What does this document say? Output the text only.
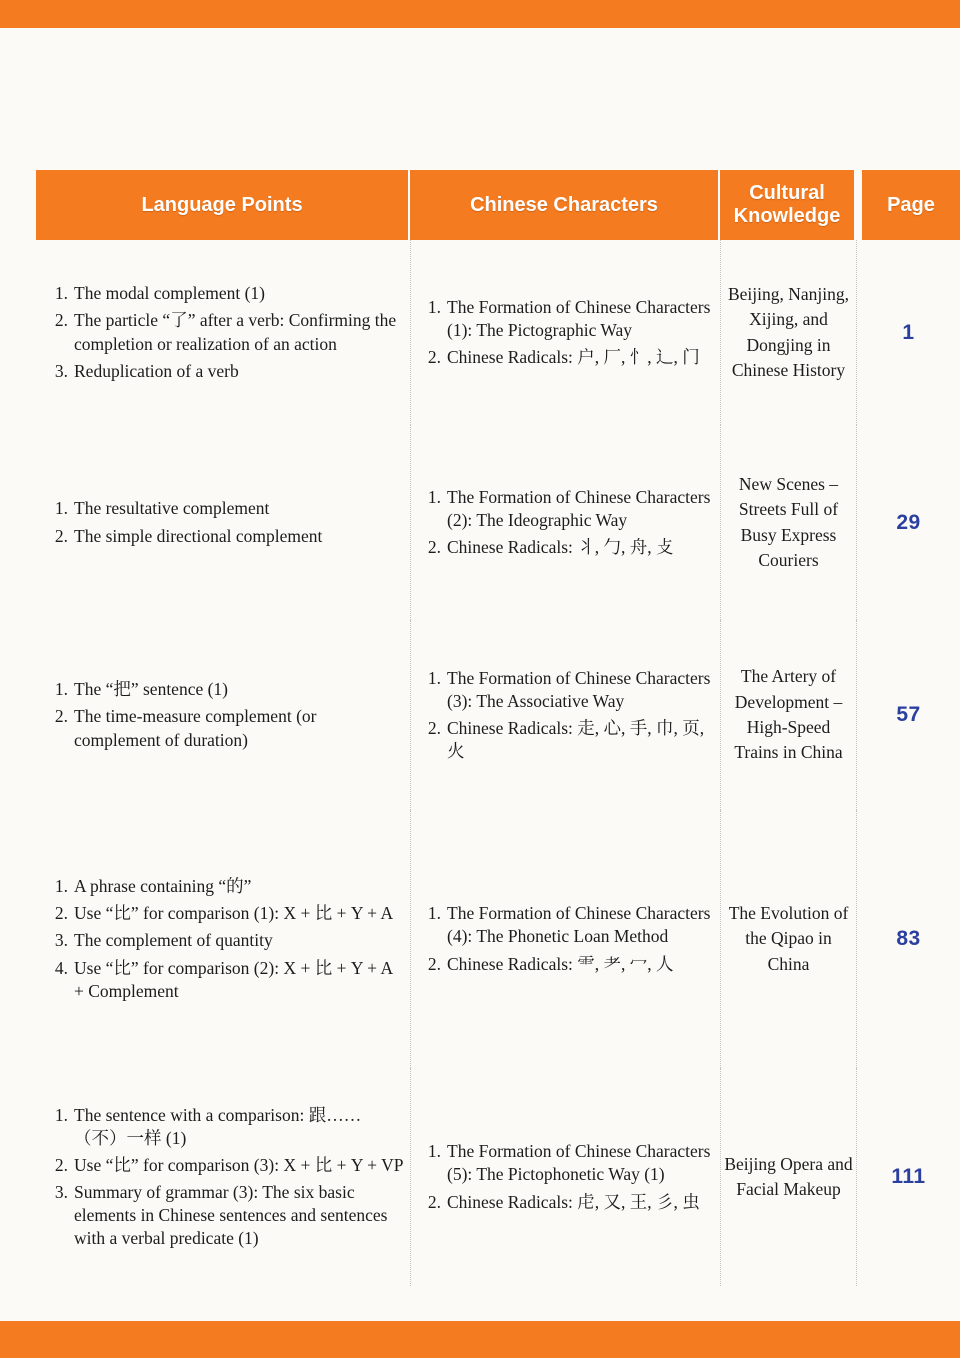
Language Points	Chinese Characters
Cultural Knowledge
Page
1. The modal complement (1)
2. The particle “了” after a verb: Confirming the completion or realization of an action
3. Reduplication of a verb
1. The Formation of Chinese Characters (1): The Pictographic Way
2. Chinese Radicals: 户, 厂, 忄, 辶, 门
Beijing, Nanjing, Xijing, and Dongjing in Chinese History
1
1. The resultative complement
2. The simple directional complement
1. The Formation of Chinese Characters (2): The Ideographic Way
2. Chinese Radicals: 丬, 勹, 舟, 攴
New Scenes – Streets Full of Busy Express Couriers
29
1. The “把” sentence (1)
2. The time-measure complement (or complement of duration)
1. The Formation of Chinese Characters (3): The Associative Way
2. Chinese Radicals: 走, 心, 手, 巾, 页, 火
The Artery of Development – High-Speed Trains in China
57
1. A phrase containing “的”
2. Use “比” for comparison (1): X + 比 + Y + A
3. The complement of quantity
4. Use “比” for comparison (2): X + 比 + Y + A + Complement
1. The Formation of Chinese Characters (4): The Phonetic Loan Method
2. Chinese Radicals: ⻗, 耂, 冖, 人
The Evolution of the Qipao in China
83
1. The sentence with a comparison: 跟……（不）一样 (1)
2. Use “比” for comparison (3): X + 比 + Y + VP
3. Summary of grammar (3): The six basic elements in Chinese sentences and sentences with a verbal predicate (1)
1. The Formation of Chinese Characters (5): The Pictophonetic Way (1)
2. Chinese Radicals: 虍, 又, 王, 彡, 虫
Beijing Opera and Facial Makeup
111
